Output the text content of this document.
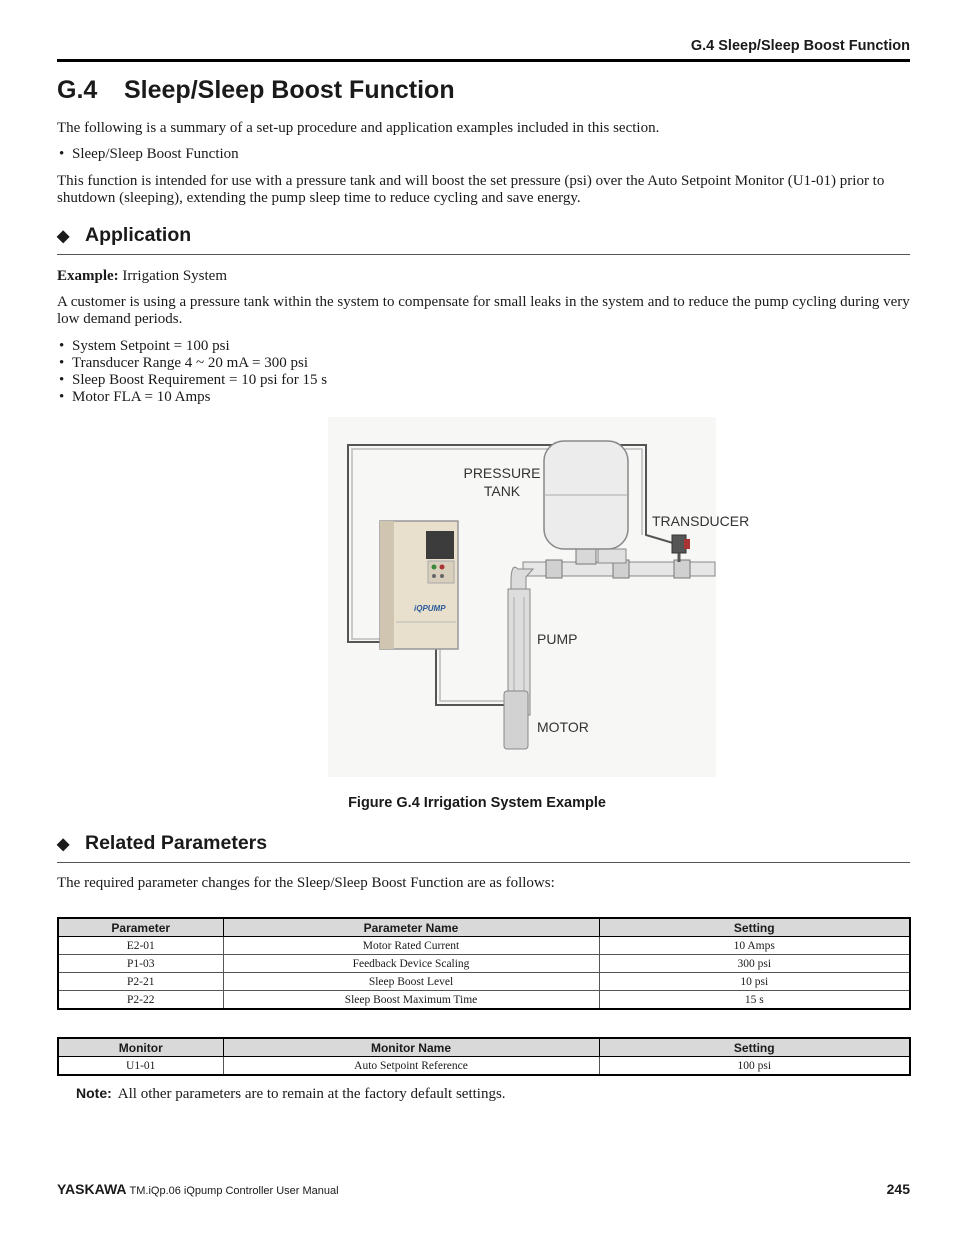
G.4 Sleep/Sleep Boost Function
G.4 Sleep/Sleep Boost Function

The following is a summary of a set-up procedure and application examples included in this section.

• Sleep/Sleep Boost Function

This function is intended for use with a pressure tank and will boost the set pressure (psi) over the Auto Setpoint Monitor (U1-01) prior to shutdown (sleeping), extending the pump sleep time to reduce cycling and save energy.

◆ Application

Example: Irrigation System

A customer is using a pressure tank within the system to compensate for small leaks in the system and to reduce the pump cycling during very low demand periods.

• System Setpoint = 100 psi
• Transducer Range 4 ~ 20 mA = 300 psi
• Sleep Boost Requirement = 10 psi for 15 s
• Motor FLA = 10 Amps
iQPUMP
PRESSURE
TANK
TRANSDUCER
PUMP
MOTOR
Figure G.4 Irrigation System Example
◆ Related Parameters

The required parameter changes for the Sleep/Sleep Boost Function are as follows:

Parameter	Parameter Name	Setting
E2-01	Motor Rated Current	10 Amps
P1-03	Feedback Device Scaling	300 psi
P2-21	Sleep Boost Level	10 psi
P2-22	Sleep Boost Maximum Time	15 s
Monitor	Monitor Name	Setting
U1-01	Auto Setpoint Reference	100 psi
Note: All other parameters are to remain at the factory default settings.
YASKAWA TM.iQp.06 iQpump Controller User Manual	245
